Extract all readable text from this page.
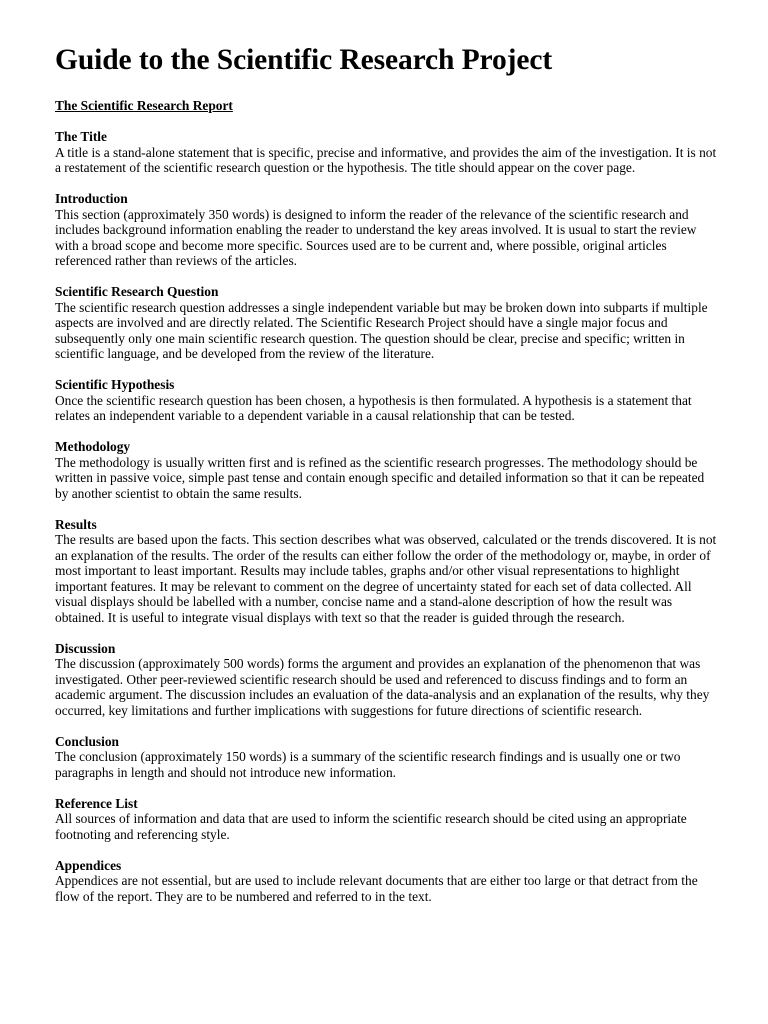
Guide to the Scientific Research Project
The Scientific Research Report
The Title

A title is a stand-alone statement that is specific, precise and informative, and provides the aim of the investigation. It is not a restatement of the scientific research question or the hypothesis. The title should appear on the cover page.

Introduction

This section (approximately 350 words) is designed to inform the reader of the relevance of the scientific research and includes background information enabling the reader to understand the key areas involved. It is usual to start the review with a broad scope and become more specific. Sources used are to be current and, where possible, original articles referenced rather than reviews of the articles.

Scientific Research Question

The scientific research question addresses a single independent variable but may be broken down into subparts if multiple aspects are involved and are directly related. The Scientific Research Project should have a single major focus and subsequently only one main scientific research question. The question should be clear, precise and specific; written in scientific language, and be developed from the review of the literature.

Scientific Hypothesis

Once the scientific research question has been chosen, a hypothesis is then formulated. A hypothesis is a statement that relates an independent variable to a dependent variable in a causal relationship that can be tested.

Methodology

The methodology is usually written first and is refined as the scientific research progresses. The methodology should be written in passive voice, simple past tense and contain enough specific and detailed information so that it can be repeated by another scientist to obtain the same results.

Results

The results are based upon the facts. This section describes what was observed, calculated or the trends discovered. It is not an explanation of the results. The order of the results can either follow the order of the methodology or, maybe, in order of most important to least important. Results may include tables, graphs and/or other visual representations to highlight important features. It may be relevant to comment on the degree of uncertainty stated for each set of data collected. All visual displays should be labelled with a number, concise name and a stand-alone description of how the result was obtained. It is useful to integrate visual displays with text so that the reader is guided through the research.

Discussion

The discussion (approximately 500 words) forms the argument and provides an explanation of the phenomenon that was investigated. Other peer-reviewed scientific research should be used and referenced to discuss findings and to form an academic argument. The discussion includes an evaluation of the data-analysis and an explanation of the results, why they occurred, key limitations and further implications with suggestions for future directions of scientific research.

Conclusion

The conclusion (approximately 150 words) is a summary of the scientific research findings and is usually one or two paragraphs in length and should not introduce new information.

Reference List

All sources of information and data that are used to inform the scientific research should be cited using an appropriate footnoting and referencing style.

Appendices

Appendices are not essential, but are used to include relevant documents that are either too large or that detract from the flow of the report. They are to be numbered and referred to in the text.
